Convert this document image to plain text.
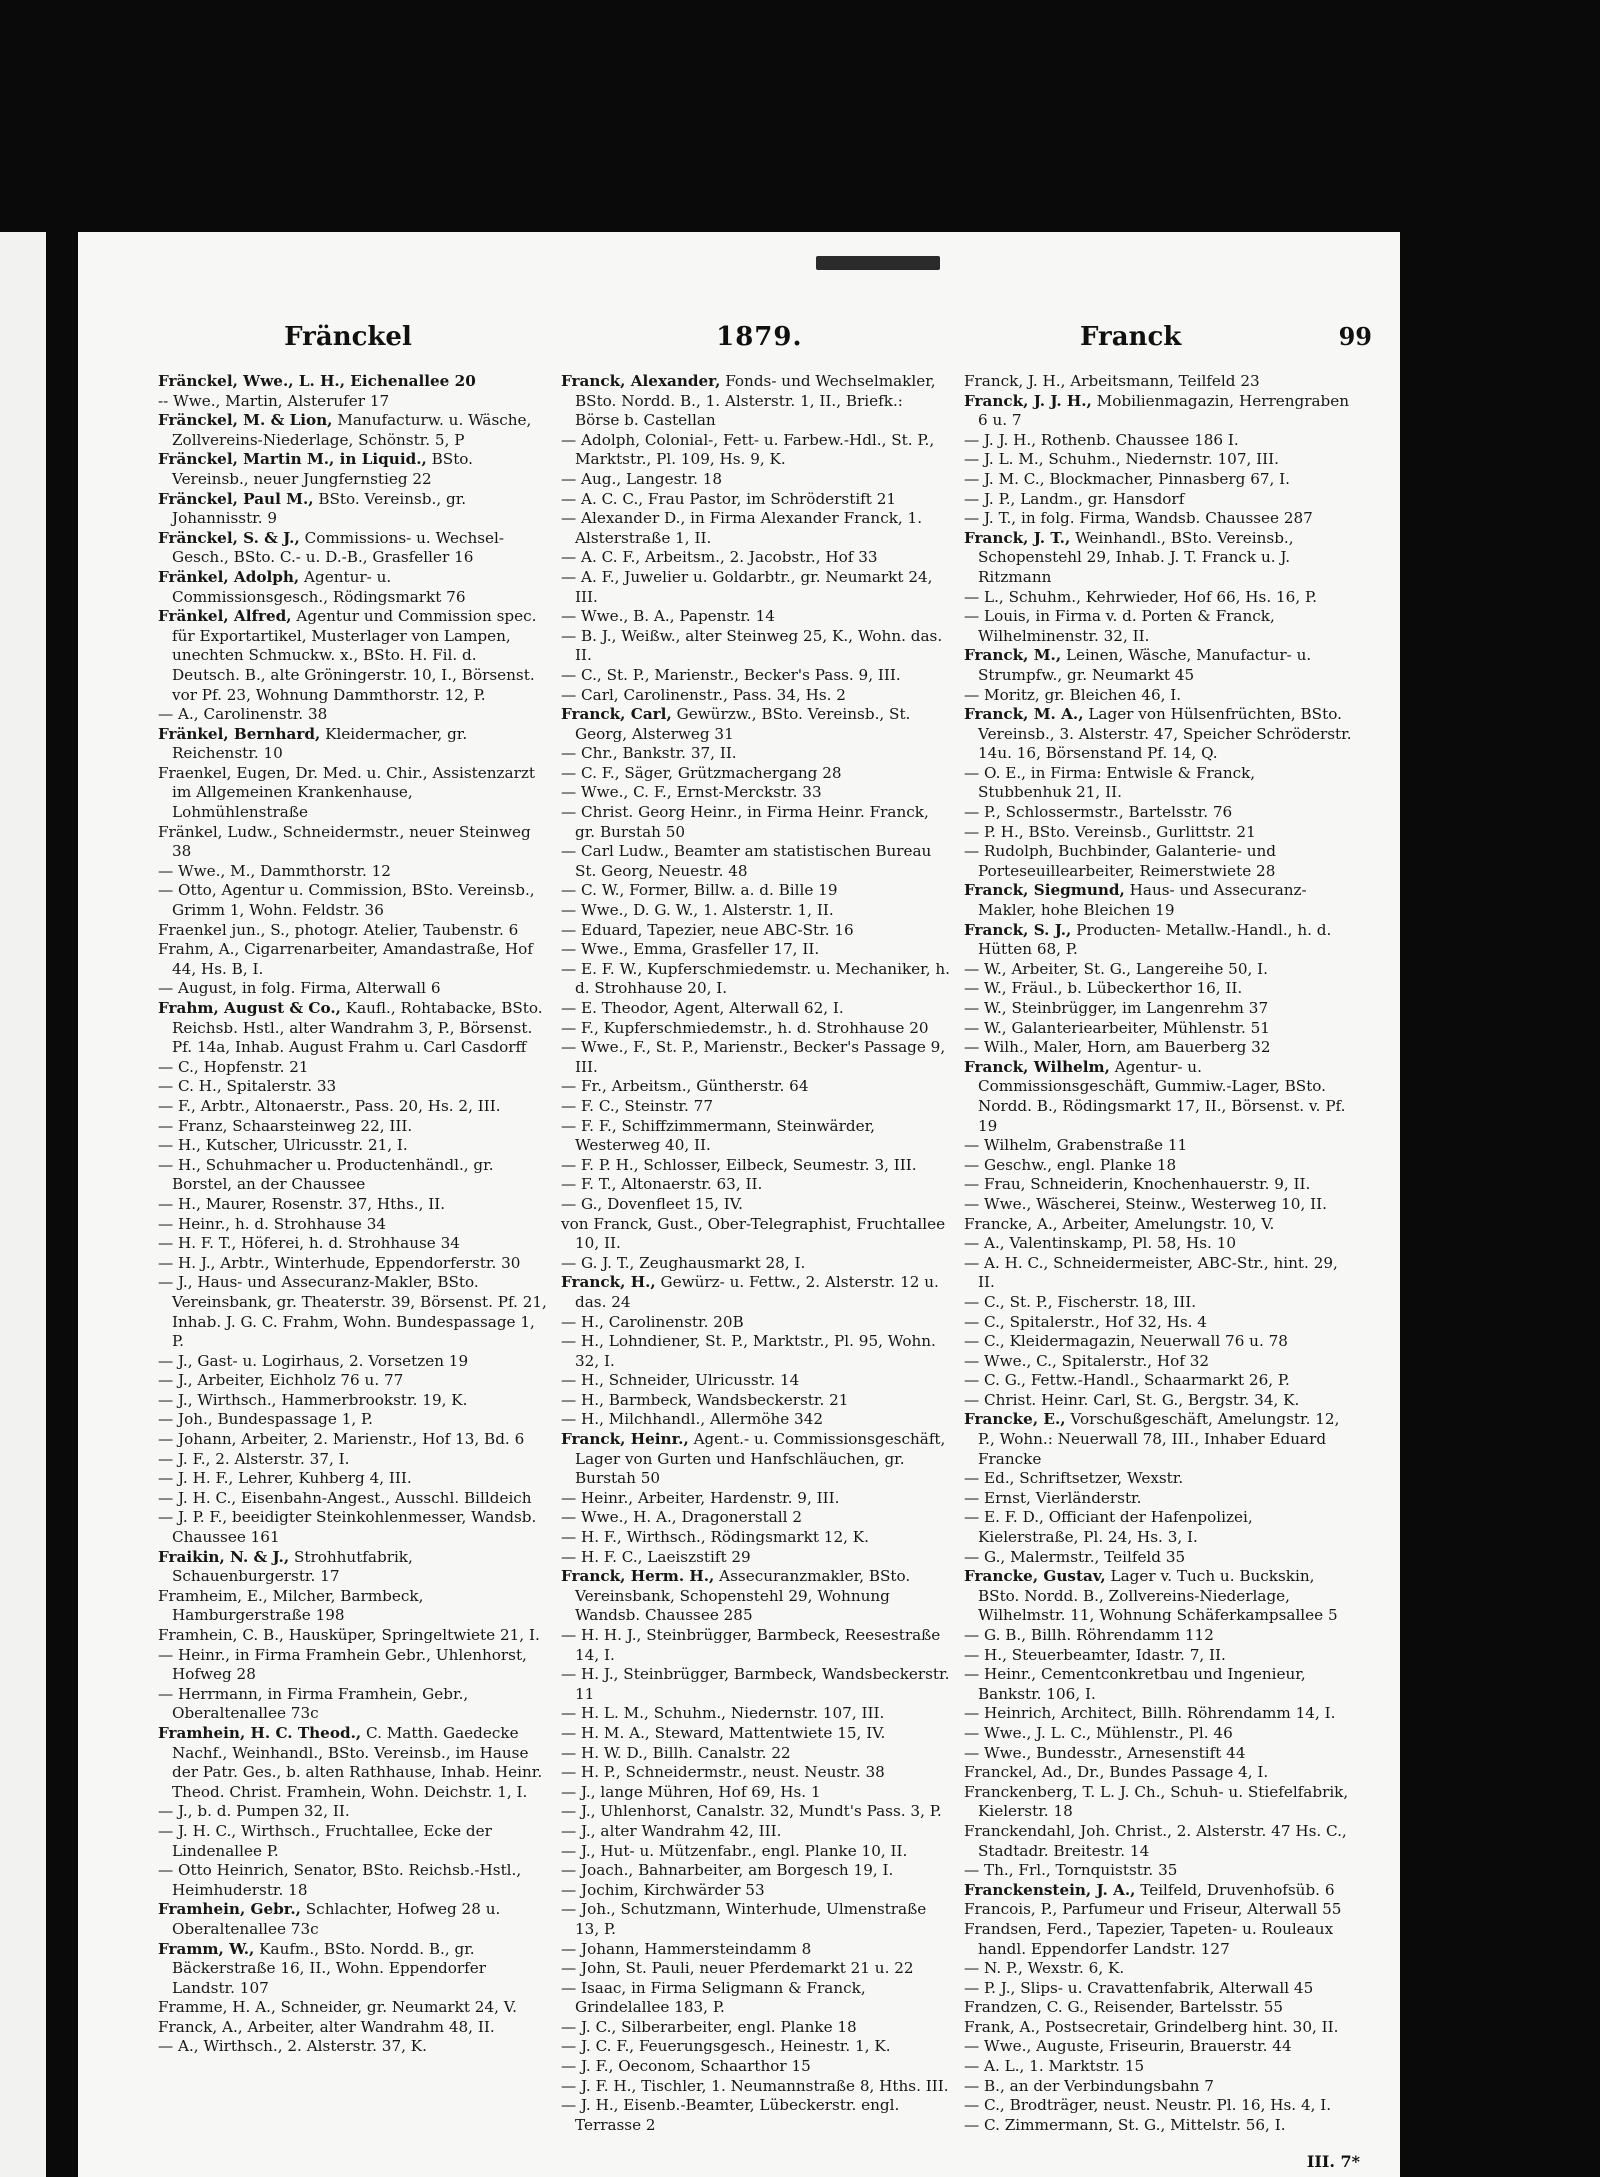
Fränckel	1879.	Franck	99
Fränckel, Wwe., L. H., Eichenallee 20
-- Wwe., Martin, Alsterufer 17
Fränckel, M. & Lion, Manufacturw. u. Wäsche, Zollvereins-Niederlage, Schönstr. 5, P
Fränckel, Martin M., in Liquid., BSto. Vereinsb., neuer Jungfernstieg 22
Fränckel, Paul M., BSto. Vereinsb., gr. Johannisstr. 9
Fränckel, S. & J., Commissions- u. Wechsel-Gesch., BSto. C.- u. D.-B., Grasfeller 16
Fränkel, Adolph, Agentur- u. Commissionsgesch., Rödingsmarkt 76
Fränkel, Alfred, Agentur und Commission spec. für Exportartikel, Musterlager von Lampen, unechten Schmuckw. x., BSto. H. Fil. d. Deutsch. B., alte Gröningerstr. 10, I., Börsenst. vor Pf. 23, Wohnung Dammthorstr. 12, P.
— A., Carolinenstr. 38
Fränkel, Bernhard, Kleidermacher, gr. Reichenstr. 10
Fraenkel, Eugen, Dr. Med. u. Chir., Assistenzarzt im Allgemeinen Krankenhause, Lohmühlenstraße
Fränkel, Ludw., Schneidermstr., neuer Steinweg 38
— Wwe., M., Dammthorstr. 12
— Otto, Agentur u. Commission, BSto. Vereinsb., Grimm 1, Wohn. Feldstr. 36
Fraenkel jun., S., photogr. Atelier, Taubenstr. 6
Frahm, A., Cigarrenarbeiter, Amandastraße, Hof 44, Hs. B, I.
— August, in folg. Firma, Alterwall 6
Frahm, August & Co., Kaufl., Rohtabacke, BSto. Reichsb. Hstl., alter Wandrahm 3, P., Börsenst. Pf. 14a, Inhab. August Frahm u. Carl Casdorff
— C., Hopfenstr. 21
— C. H., Spitalerstr. 33
— F., Arbtr., Altonaerstr., Pass. 20, Hs. 2, III.
— Franz, Schaarsteinweg 22, III.
— H., Kutscher, Ulricusstr. 21, I.
— H., Schuhmacher u. Productenhändl., gr. Borstel, an der Chaussee
— H., Maurer, Rosenstr. 37, Hths., II.
— Heinr., h. d. Strohhause 34
— H. F. T., Höferei, h. d. Strohhause 34
— H. J., Arbtr., Winterhude, Eppendorferstr. 30
— J., Haus- und Assecuranz-Makler, BSto. Vereinsbank, gr. Theaterstr. 39, Börsenst. Pf. 21, Inhab. J. G. C. Frahm, Wohn. Bundespassage 1, P.
— J., Gast- u. Logirhaus, 2. Vorsetzen 19
— J., Arbeiter, Eichholz 76 u. 77
— J., Wirthsch., Hammerbrookstr. 19, K.
— Joh., Bundespassage 1, P.
— Johann, Arbeiter, 2. Marienstr., Hof 13, Bd. 6
— J. F., 2. Alsterstr. 37, I.
— J. H. F., Lehrer, Kuhberg 4, III.
— J. H. C., Eisenbahn-Angest., Ausschl. Billdeich
— J. P. F., beeidigter Steinkohlenmesser, Wandsb. Chaussee 161
Fraikin, N. & J., Strohhutfabrik, Schauenburgerstr. 17
Framheim, E., Milcher, Barmbeck, Hamburgerstraße 198
Framhein, C. B., Hausküper, Springeltwiete 21, I.
— Heinr., in Firma Framhein Gebr., Uhlenhorst, Hofweg 28
— Herrmann, in Firma Framhein, Gebr., Oberaltenallee 73c
Framhein, H. C. Theod., C. Matth. Gaedecke Nachf., Weinhandl., BSto. Vereinsb., im Hause der Patr. Ges., b. alten Rathhause, Inhab. Heinr. Theod. Christ. Framhein, Wohn. Deichstr. 1, I.
— J., b. d. Pumpen 32, II.
— J. H. C., Wirthsch., Fruchtallee, Ecke der Lindenallee P.
— Otto Heinrich, Senator, BSto. Reichsb.-Hstl., Heimhuderstr. 18
Framhein, Gebr., Schlachter, Hofweg 28 u. Oberaltenallee 73c
Framm, W., Kaufm., BSto. Nordd. B., gr. Bäckerstraße 16, II., Wohn. Eppendorfer Landstr. 107
Framme, H. A., Schneider, gr. Neumarkt 24, V.
Franck, A., Arbeiter, alter Wandrahm 48, II.
— A., Wirthsch., 2. Alsterstr. 37, K.
Franck, Alexander, Fonds- und Wechselmakler, BSto. Nordd. B., 1. Alsterstr. 1, II., Briefk.: Börse b. Castellan
— Adolph, Colonial-, Fett- u. Farbew.-Hdl., St. P., Marktstr., Pl. 109, Hs. 9, K.
— Aug., Langestr. 18
— A. C. C., Frau Pastor, im Schröderstift 21
— Alexander D., in Firma Alexander Franck, 1. Alsterstraße 1, II.
— A. C. F., Arbeitsm., 2. Jacobstr., Hof 33
— A. F., Juwelier u. Goldarbtr., gr. Neumarkt 24, III.
— Wwe., B. A., Papenstr. 14
— B. J., Weißw., alter Steinweg 25, K., Wohn. das. II.
— C., St. P., Marienstr., Becker's Pass. 9, III.
— Carl, Carolinenstr., Pass. 34, Hs. 2
Franck, Carl, Gewürzw., BSto. Vereinsb., St. Georg, Alsterweg 31
— Chr., Bankstr. 37, II.
— C. F., Säger, Grützmachergang 28
— Wwe., C. F., Ernst-Merckstr. 33
— Christ. Georg Heinr., in Firma Heinr. Franck, gr. Burstah 50
— Carl Ludw., Beamter am statistischen Bureau St. Georg, Neuestr. 48
— C. W., Former, Billw. a. d. Bille 19
— Wwe., D. G. W., 1. Alsterstr. 1, II.
— Eduard, Tapezier, neue ABC-Str. 16
— Wwe., Emma, Grasfeller 17, II.
— E. F. W., Kupferschmiedemstr. u. Mechaniker, h. d. Strohhause 20, I.
— E. Theodor, Agent, Alterwall 62, I.
— F., Kupferschmiedemstr., h. d. Strohhause 20
— Wwe., F., St. P., Marienstr., Becker's Passage 9, III.
— Fr., Arbeitsm., Güntherstr. 64
— F. C., Steinstr. 77
— F. F., Schiffzimmermann, Steinwärder, Westerweg 40, II.
— F. P. H., Schlosser, Eilbeck, Seumestr. 3, III.
— F. T., Altonaerstr. 63, II.
— G., Dovenfleet 15, IV.
von Franck, Gust., Ober-Telegraphist, Fruchtallee 10, II.
— G. J. T., Zeughausmarkt 28, I.
Franck, H., Gewürz- u. Fettw., 2. Alsterstr. 12 u. das. 24
— H., Carolinenstr. 20B
— H., Lohndiener, St. P., Marktstr., Pl. 95, Wohn. 32, I.
— H., Schneider, Ulricusstr. 14
— H., Barmbeck, Wandsbeckerstr. 21
— H., Milchhandl., Allermöhe 342
Franck, Heinr., Agent.- u. Commissionsgeschäft, Lager von Gurten und Hanfschläuchen, gr. Burstah 50
— Heinr., Arbeiter, Hardenstr. 9, III.
— Wwe., H. A., Dragonerstall 2
— H. F., Wirthsch., Rödingsmarkt 12, K.
— H. F. C., Laeiszstift 29
Franck, Herm. H., Assecuranzmakler, BSto. Vereinsbank, Schopenstehl 29, Wohnung Wandsb. Chaussee 285
— H. H. J., Steinbrügger, Barmbeck, Reesestraße 14, I.
— H. J., Steinbrügger, Barmbeck, Wandsbeckerstr. 11
— H. L. M., Schuhm., Niedernstr. 107, III.
— H. M. A., Steward, Mattentwiete 15, IV.
— H. W. D., Billh. Canalstr. 22
— H. P., Schneidermstr., neust. Neustr. 38
— J., lange Mühren, Hof 69, Hs. 1
— J., Uhlenhorst, Canalstr. 32, Mundt's Pass. 3, P.
— J., alter Wandrahm 42, III.
— J., Hut- u. Mützenfabr., engl. Planke 10, II.
— Joach., Bahnarbeiter, am Borgesch 19, I.
— Jochim, Kirchwärder 53
— Joh., Schutzmann, Winterhude, Ulmenstraße 13, P.
— Johann, Hammersteindamm 8
— John, St. Pauli, neuer Pferdemarkt 21 u. 22
— Isaac, in Firma Seligmann & Franck, Grindelallee 183, P.
— J. C., Silberarbeiter, engl. Planke 18
— J. C. F., Feuerungsgesch., Heinestr. 1, K.
— J. F., Oeconom, Schaarthor 15
— J. F. H., Tischler, 1. Neumannstraße 8, Hths. III.
— J. H., Eisenb.-Beamter, Lübeckerstr. engl. Terrasse 2
Franck, J. H., Arbeitsmann, Teilfeld 23
Franck, J. J. H., Mobilienmagazin, Herrengraben 6 u. 7
— J. J. H., Rothenb. Chaussee 186 I.
— J. L. M., Schuhm., Niedernstr. 107, III.
— J. M. C., Blockmacher, Pinnasberg 67, I.
— J. P., Landm., gr. Hansdorf
— J. T., in folg. Firma, Wandsb. Chaussee 287
Franck, J. T., Weinhandl., BSto. Vereinsb., Schopenstehl 29, Inhab. J. T. Franck u. J. Ritzmann
— L., Schuhm., Kehrwieder, Hof 66, Hs. 16, P.
— Louis, in Firma v. d. Porten & Franck, Wilhelminenstr. 32, II.
Franck, M., Leinen, Wäsche, Manufactur- u. Strumpfw., gr. Neumarkt 45
— Moritz, gr. Bleichen 46, I.
Franck, M. A., Lager von Hülsenfrüchten, BSto. Vereinsb., 3. Alsterstr. 47, Speicher Schröderstr. 14u. 16, Börsenstand Pf. 14, Q.
— O. E., in Firma: Entwisle & Franck, Stubbenhuk 21, II.
— P., Schlossermstr., Bartelsstr. 76
— P. H., BSto. Vereinsb., Gurlittstr. 21
— Rudolph, Buchbinder, Galanterie- und Porteseuillearbeiter, Reimerstwiete 28
Franck, Siegmund, Haus- und Assecuranz-Makler, hohe Bleichen 19
Franck, S. J., Producten- Metallw.-Handl., h. d. Hütten 68, P.
— W., Arbeiter, St. G., Langereihe 50, I.
— W., Fräul., b. Lübeckerthor 16, II.
— W., Steinbrügger, im Langenrehm 37
— W., Galanteriearbeiter, Mühlenstr. 51
— Wilh., Maler, Horn, am Bauerberg 32
Franck, Wilhelm, Agentur- u. Commissionsgeschäft, Gummiw.-Lager, BSto. Nordd. B., Rödingsmarkt 17, II., Börsenst. v. Pf. 19
— Wilhelm, Grabenstraße 11
— Geschw., engl. Planke 18
— Frau, Schneiderin, Knochenhauerstr. 9, II.
— Wwe., Wäscherei, Steinw., Westerweg 10, II.
Francke, A., Arbeiter, Amelungstr. 10, V.
— A., Valentinskamp, Pl. 58, Hs. 10
— A. H. C., Schneidermeister, ABC-Str., hint. 29, II.
— C., St. P., Fischerstr. 18, III.
— C., Spitalerstr., Hof 32, Hs. 4
— C., Kleidermagazin, Neuerwall 76 u. 78
— Wwe., C., Spitalerstr., Hof 32
— C. G., Fettw.-Handl., Schaarmarkt 26, P.
— Christ. Heinr. Carl, St. G., Bergstr. 34, K.
Francke, E., Vorschußgeschäft, Amelungstr. 12, P., Wohn.: Neuerwall 78, III., Inhaber Eduard Francke
— Ed., Schriftsetzer, Wexstr.
— Ernst, Vierländerstr.
— E. F. D., Officiant der Hafenpolizei, Kielerstraße, Pl. 24, Hs. 3, I.
— G., Malermstr., Teilfeld 35
Francke, Gustav, Lager v. Tuch u. Buckskin, BSto. Nordd. B., Zollvereins-Niederlage, Wilhelmstr. 11, Wohnung Schäferkampsallee 5
— G. B., Billh. Röhrendamm 112
— H., Steuerbeamter, Idastr. 7, II.
— Heinr., Cementconkretbau und Ingenieur, Bankstr. 106, I.
— Heinrich, Architect, Billh. Röhrendamm 14, I.
— Wwe., J. L. C., Mühlenstr., Pl. 46
— Wwe., Bundesstr., Arnesenstift 44
Franckel, Ad., Dr., Bundes Passage 4, I.
Franckenberg, T. L. J. Ch., Schuh- u. Stiefelfabrik, Kielerstr. 18
Franckendahl, Joh. Christ., 2. Alsterstr. 47 Hs. C., Stadtadr. Breitestr. 14
— Th., Frl., Tornquiststr. 35
Franckenstein, J. A., Teilfeld, Druvenhofsüb. 6
Francois, P., Parfumeur und Friseur, Alterwall 55
Frandsen, Ferd., Tapezier, Tapeten- u. Rouleaux handl. Eppendorfer Landstr. 127
— N. P., Wexstr. 6, K.
— P. J., Slips- u. Cravattenfabrik, Alterwall 45
Frandzen, C. G., Reisender, Bartelsstr. 55
Frank, A., Postsecretair, Grindelberg hint. 30, II.
— Wwe., Auguste, Friseurin, Brauerstr. 44
— A. L., 1. Marktstr. 15
— B., an der Verbindungsbahn 7
— C., Brodträger, neust. Neustr. Pl. 16, Hs. 4, I.
— C. Zimmermann, St. G., Mittelstr. 56, I.
III. 7*
